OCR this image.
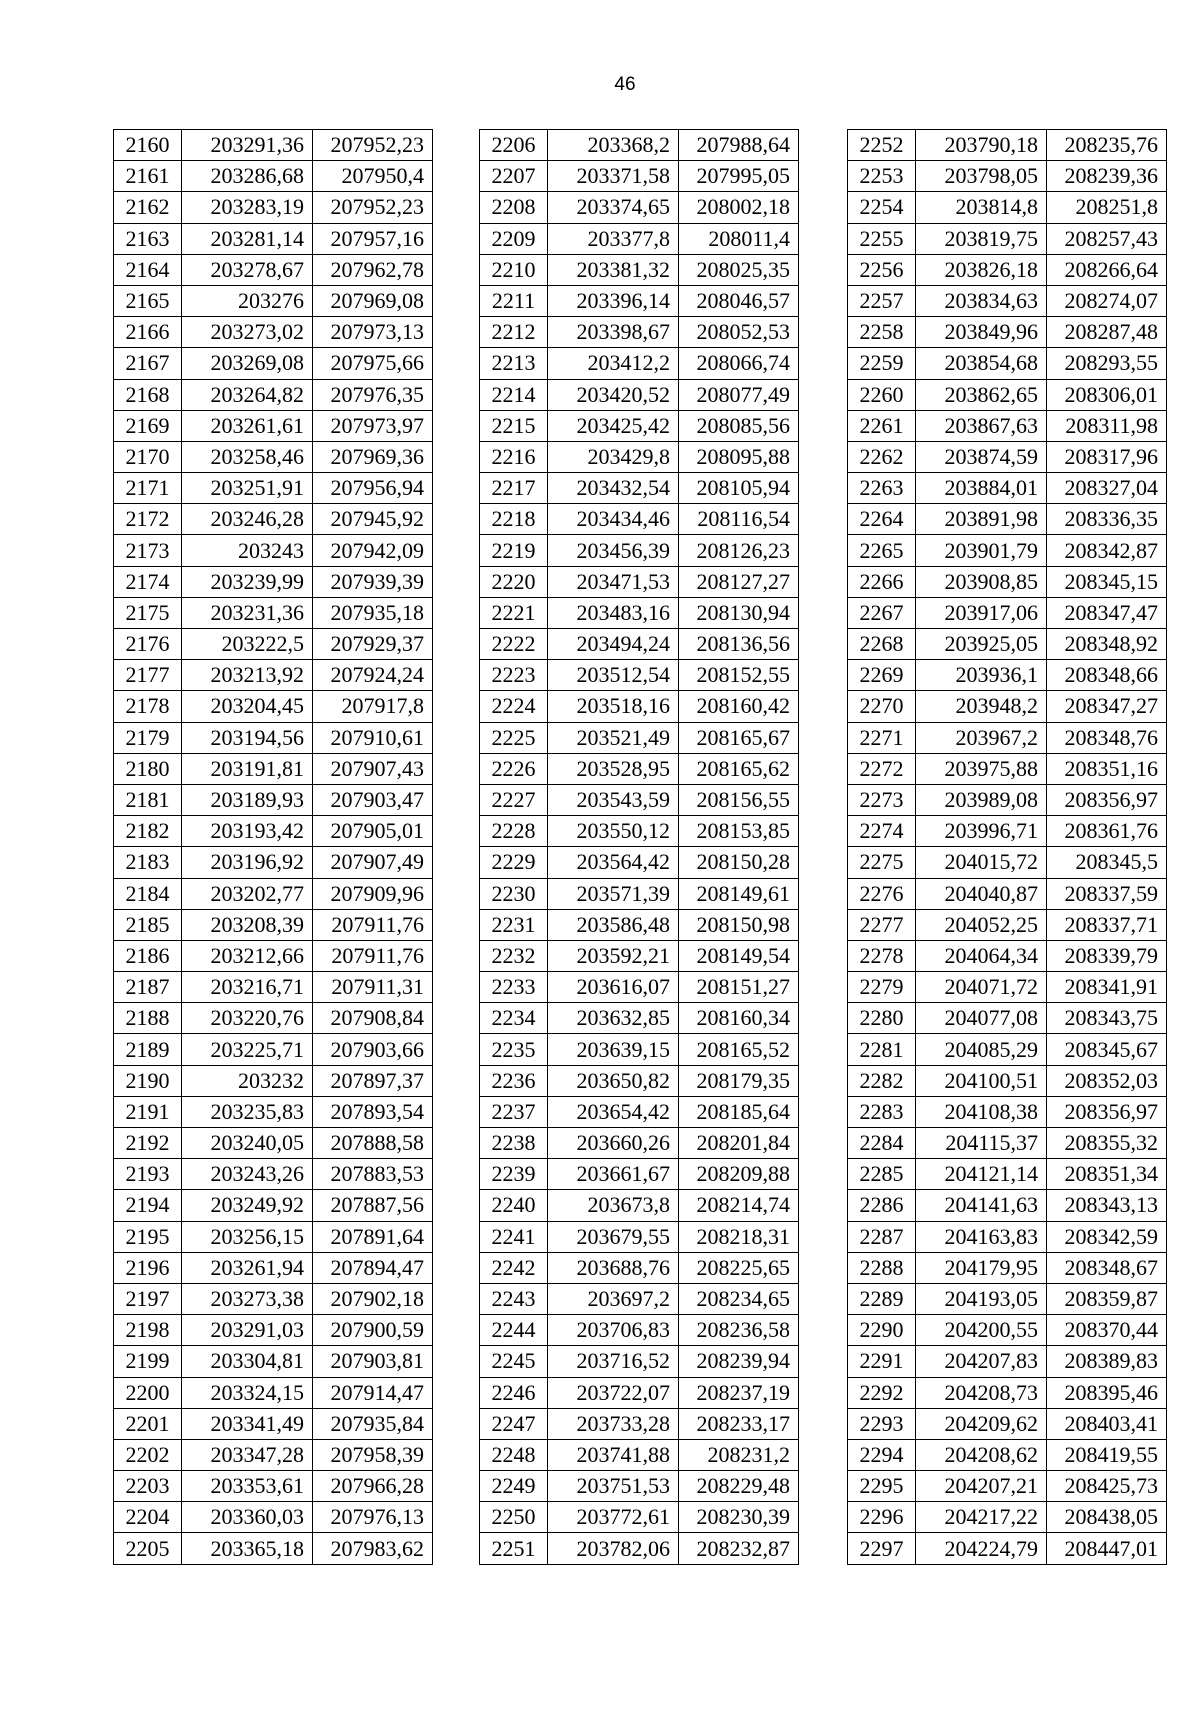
46
2160	203291,36	207952,23
2161	203286,68	207950,4
2162	203283,19	207952,23
2163	203281,14	207957,16
2164	203278,67	207962,78
2165	203276	207969,08
2166	203273,02	207973,13
2167	203269,08	207975,66
2168	203264,82	207976,35
2169	203261,61	207973,97
2170	203258,46	207969,36
2171	203251,91	207956,94
2172	203246,28	207945,92
2173	203243	207942,09
2174	203239,99	207939,39
2175	203231,36	207935,18
2176	203222,5	207929,37
2177	203213,92	207924,24
2178	203204,45	207917,8
2179	203194,56	207910,61
2180	203191,81	207907,43
2181	203189,93	207903,47
2182	203193,42	207905,01
2183	203196,92	207907,49
2184	203202,77	207909,96
2185	203208,39	207911,76
2186	203212,66	207911,76
2187	203216,71	207911,31
2188	203220,76	207908,84
2189	203225,71	207903,66
2190	203232	207897,37
2191	203235,83	207893,54
2192	203240,05	207888,58
2193	203243,26	207883,53
2194	203249,92	207887,56
2195	203256,15	207891,64
2196	203261,94	207894,47
2197	203273,38	207902,18
2198	203291,03	207900,59
2199	203304,81	207903,81
2200	203324,15	207914,47
2201	203341,49	207935,84
2202	203347,28	207958,39
2203	203353,61	207966,28
2204	203360,03	207976,13
2205	203365,18	207983,62
2206	203368,2	207988,64
2207	203371,58	207995,05
2208	203374,65	208002,18
2209	203377,8	208011,4
2210	203381,32	208025,35
2211	203396,14	208046,57
2212	203398,67	208052,53
2213	203412,2	208066,74
2214	203420,52	208077,49
2215	203425,42	208085,56
2216	203429,8	208095,88
2217	203432,54	208105,94
2218	203434,46	208116,54
2219	203456,39	208126,23
2220	203471,53	208127,27
2221	203483,16	208130,94
2222	203494,24	208136,56
2223	203512,54	208152,55
2224	203518,16	208160,42
2225	203521,49	208165,67
2226	203528,95	208165,62
2227	203543,59	208156,55
2228	203550,12	208153,85
2229	203564,42	208150,28
2230	203571,39	208149,61
2231	203586,48	208150,98
2232	203592,21	208149,54
2233	203616,07	208151,27
2234	203632,85	208160,34
2235	203639,15	208165,52
2236	203650,82	208179,35
2237	203654,42	208185,64
2238	203660,26	208201,84
2239	203661,67	208209,88
2240	203673,8	208214,74
2241	203679,55	208218,31
2242	203688,76	208225,65
2243	203697,2	208234,65
2244	203706,83	208236,58
2245	203716,52	208239,94
2246	203722,07	208237,19
2247	203733,28	208233,17
2248	203741,88	208231,2
2249	203751,53	208229,48
2250	203772,61	208230,39
2251	203782,06	208232,87
2252	203790,18	208235,76
2253	203798,05	208239,36
2254	203814,8	208251,8
2255	203819,75	208257,43
2256	203826,18	208266,64
2257	203834,63	208274,07
2258	203849,96	208287,48
2259	203854,68	208293,55
2260	203862,65	208306,01
2261	203867,63	208311,98
2262	203874,59	208317,96
2263	203884,01	208327,04
2264	203891,98	208336,35
2265	203901,79	208342,87
2266	203908,85	208345,15
2267	203917,06	208347,47
2268	203925,05	208348,92
2269	203936,1	208348,66
2270	203948,2	208347,27
2271	203967,2	208348,76
2272	203975,88	208351,16
2273	203989,08	208356,97
2274	203996,71	208361,76
2275	204015,72	208345,5
2276	204040,87	208337,59
2277	204052,25	208337,71
2278	204064,34	208339,79
2279	204071,72	208341,91
2280	204077,08	208343,75
2281	204085,29	208345,67
2282	204100,51	208352,03
2283	204108,38	208356,97
2284	204115,37	208355,32
2285	204121,14	208351,34
2286	204141,63	208343,13
2287	204163,83	208342,59
2288	204179,95	208348,67
2289	204193,05	208359,87
2290	204200,55	208370,44
2291	204207,83	208389,83
2292	204208,73	208395,46
2293	204209,62	208403,41
2294	204208,62	208419,55
2295	204207,21	208425,73
2296	204217,22	208438,05
2297	204224,79	208447,01
